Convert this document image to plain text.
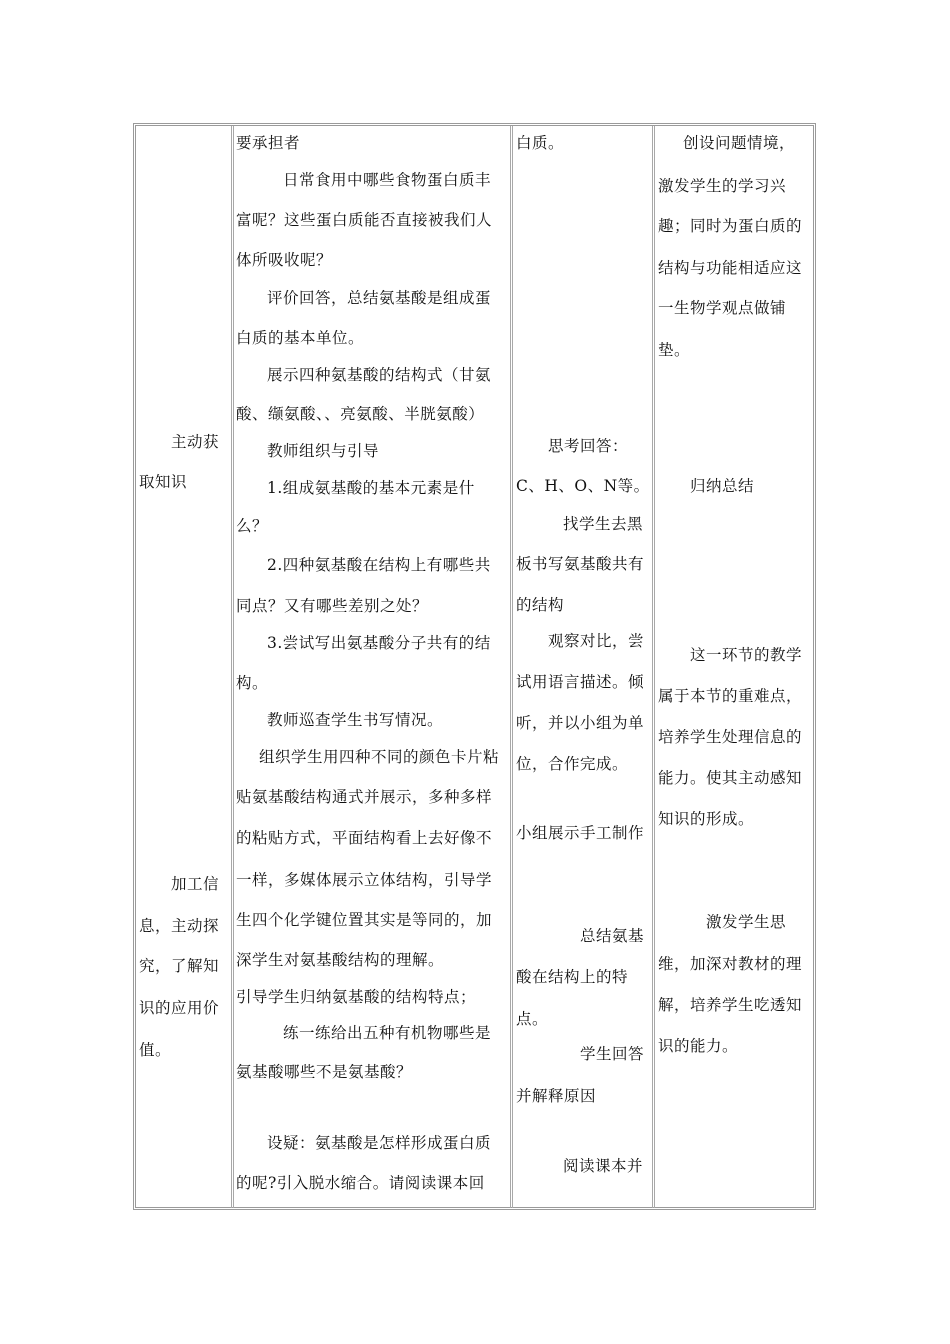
主动获
取知识
加工信
息，主动探
究，了解知
识的应用价
值。
要承担者
日常食用中哪些食物蛋白质丰
富呢？这些蛋白质能否直接被我们人
体所吸收呢？
评价回答，总结氨基酸是组成蛋
白质的基本单位。
展示四种氨基酸的结构式（甘氨
酸、缬氨酸、、亮氨酸、半胱氨酸）
教师组织与引导
1.组成氨基酸的基本元素是什
么？
2.四种氨基酸在结构上有哪些共
同点？又有哪些差别之处？
3.尝试写出氨基酸分子共有的结
构。
教师巡查学生书写情况。
组织学生用四种不同的颜色卡片粘
贴氨基酸结构通式并展示，多种多样
的粘贴方式，平面结构看上去好像不
一样，多媒体展示立体结构，引导学
生四个化学键位置其实是等同的，加
深学生对氨基酸结构的理解。
引导学生归纳氨基酸的结构特点；
练一练给出五种有机物哪些是
氨基酸哪些不是氨基酸？
设疑：氨基酸是怎样形成蛋白质
的呢?引入脱水缩合。请阅读课本回
白质。
思考回答：
C、H、O、N等。
找学生去黑
板书写氨基酸共有
的结构
观察对比，尝
试用语言描述。倾
听，并以小组为单
位，合作完成。
小组展示手工制作
总结氨基
酸在结构上的特
点。
学生回答
并解释原因
阅读课本并
创设问题情境，
激发学生的学习兴
趣；同时为蛋白质的
结构与功能相适应这
一生物学观点做铺
垫。
归纳总结
这一环节的教学
属于本节的重难点，
培养学生处理信息的
能力。使其主动感知
知识的形成。
激发学生思
维，加深对教材的理
解，培养学生吃透知
识的能力。
